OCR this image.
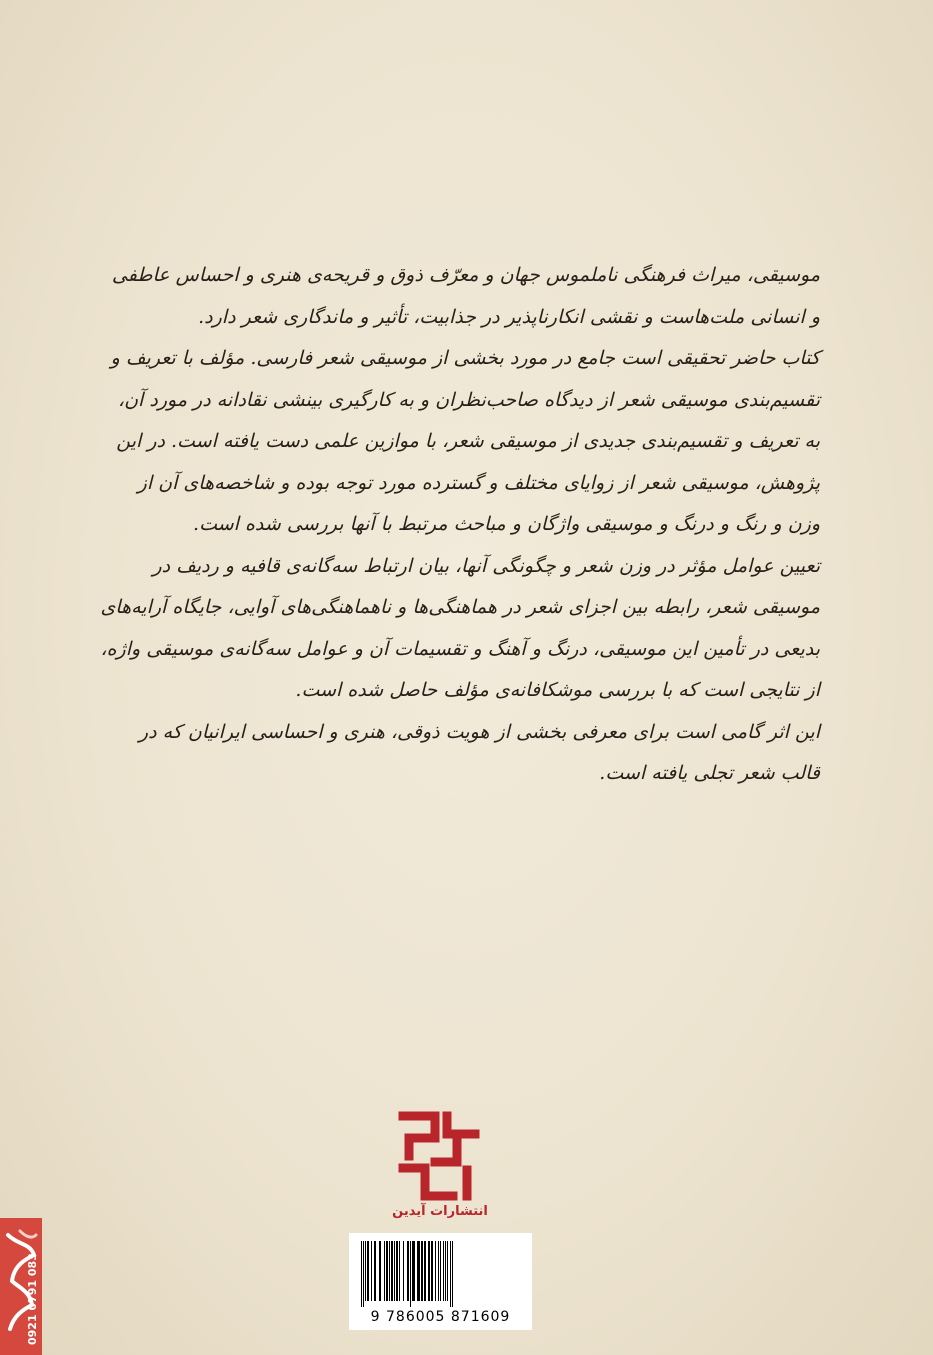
موسیقی، میراث فرهنگی ناملموس جهان و معرّف ذوق و قریحه‌ی هنری و احساس عاطفی و انسانی ملت‌هاست و نقشی انکارناپذیر در جذابیت، تأثیر و ماندگاری شعر دارد.

کتاب حاضر تحقیقی است جامع در مورد بخشی از موسیقی شعر فارسی. مؤلف با تعریف و تقسیم‌بندی موسیقی شعر از دیدگاه صاحب‌نظران و به کارگیری بینشی نقادانه در مورد آن، به تعریف و تقسیم‌بندی جدیدی از موسیقی شعر، با موازین علمی دست یافته است. در این پژوهش، موسیقی شعر از زوایای مختلف و گسترده مورد توجه بوده و شاخصه‌های آن از وزن و رنگ و درنگ و موسیقی واژگان و مباحث مرتبط با آنها بررسی شده است.

تعیین عوامل مؤثر در وزن شعر و چگونگی آنها، بیان ارتباط سه‌گانه‌ی قافیه و ردیف در موسیقی شعر، رابطه بین اجزای شعر در هماهنگی‌ها و ناهماهنگی‌های آوایی، جایگاه آرایه‌های بدیعی در تأمین این موسیقی، درنگ و آهنگ و تقسیمات آن و عوامل سه‌گانه‌ی موسیقی واژه، از نتایجی است که با بررسی موشکافانه‌ی مؤلف حاصل شده است.

این اثر گامی است برای معرفی بخشی از هویت ذوقی، هنری و احساسی ایرانیان که در قالب شعر تجلی یافته است.

انتشارات آیدین
9 786005 871609
0921 0791 083
